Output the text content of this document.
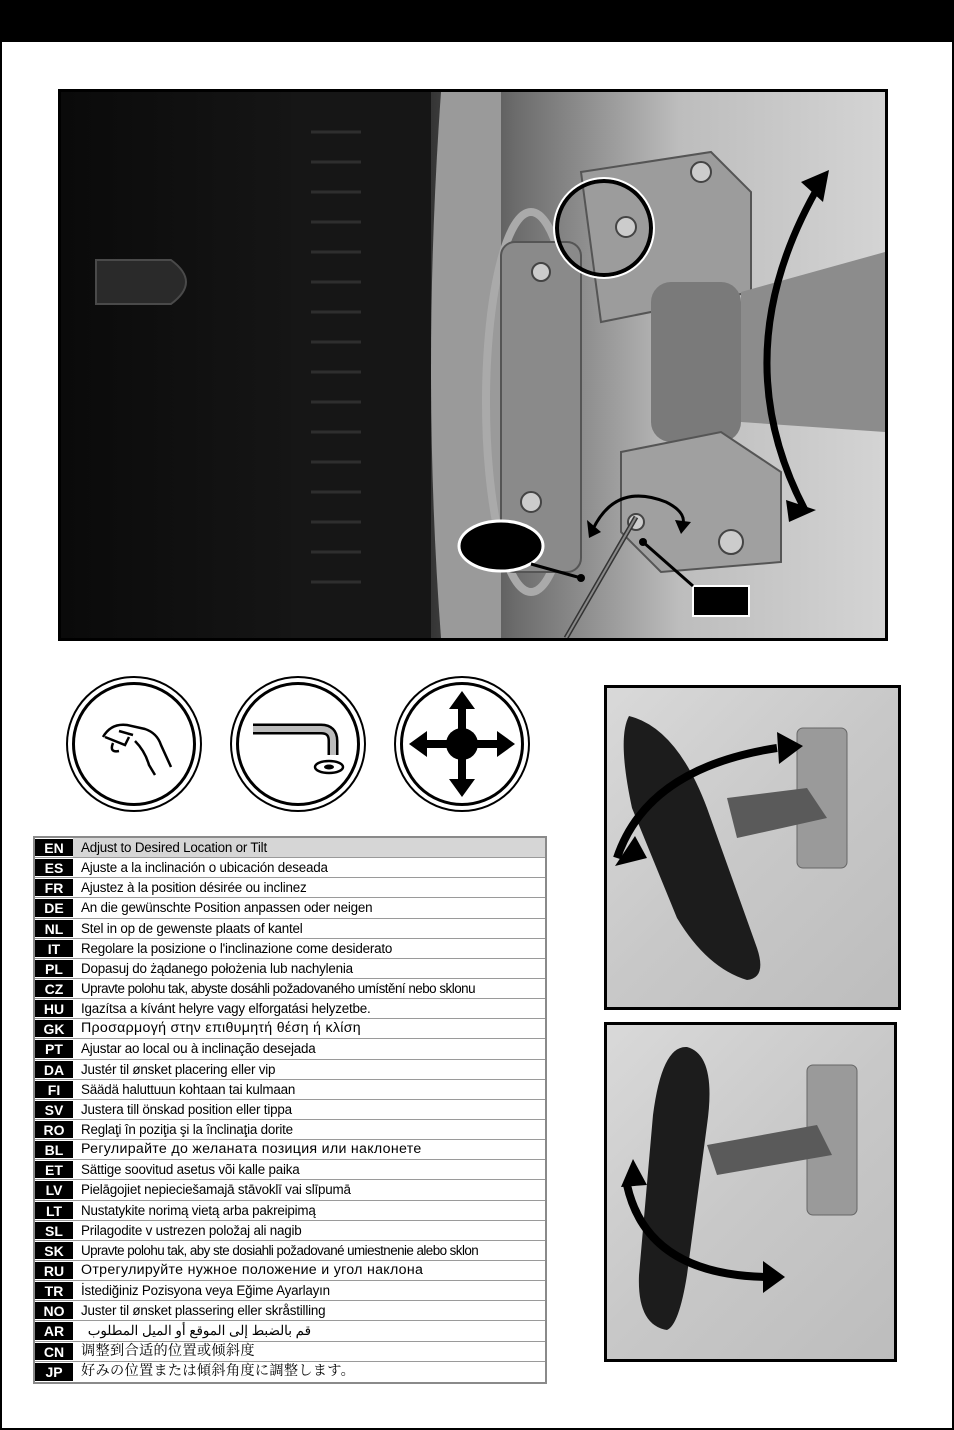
EN	Adjust to Desired Location or Tilt
ES	Ajuste a la inclinación o ubicación deseada
FR	Ajustez à la position désirée ou inclinez
DE	An die gewünschte Position anpassen oder neigen
NL	Stel in op de gewenste plaats of kantel
IT	Regolare la posizione o l'inclinazione come desiderato
PL	Dopasuj do żądanego położenia lub nachylenia
CZ	Upravte polohu tak, abyste dosáhli požadovaného umístění nebo sklonu
HU	Igazítsa a kívánt helyre vagy elforgatási helyzetbe.
GK	Προσαρμογή στην επιθυμητή θέση ή κλίση
PT	Ajustar ao local ou à inclinação desejada
DA	Justér til ønsket placering eller vip
FI	Säädä haluttuun kohtaan tai kulmaan
SV	Justera till önskad position eller tippa
RO	Reglaţi în poziţia şi la înclinaţia dorite
BL	Регулирайте до желаната позиция или наклонете
ET	Sättige soovitud asetus või kalle paika
LV	Pielāgojiet nepieciešamajā stāvoklī vai slīpumā
LT	Nustatykite norimą vietą arba pakreipimą
SL	Prilagodite v ustrezen položaj ali nagib
SK	Upravte polohu tak, aby ste dosiahli požadované umiestnenie alebo sklon
RU	Отрегулируйте нужное положение и угол наклона
TR	İstediğiniz Pozisyona veya Eğime Ayarlayın
NO	Juster til ønsket plassering eller skråstilling
AR	قم بالضبط إلى الموقع أو الميل المطلوب
CN	调整到合适的位置或倾斜度
JP	好みの位置または傾斜角度に調整します。
